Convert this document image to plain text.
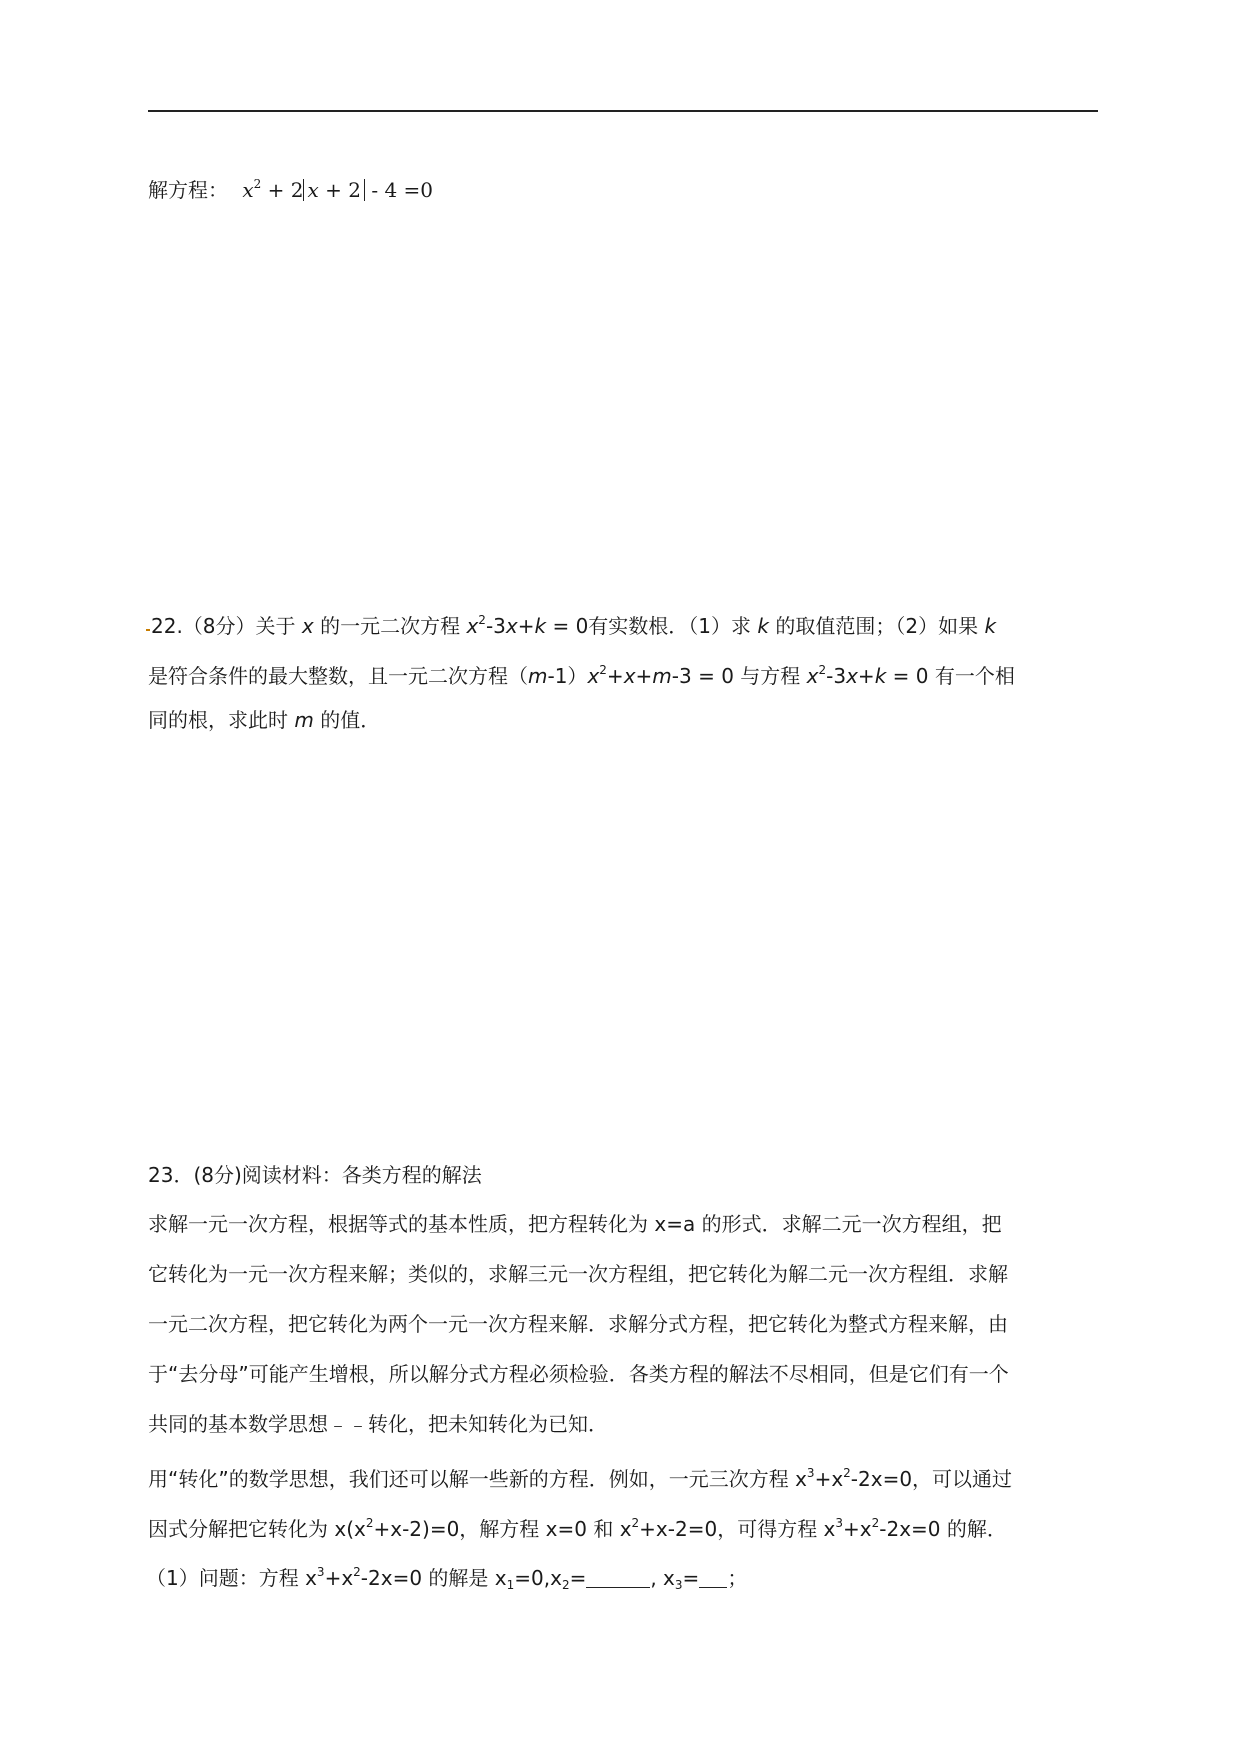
解方程： $x^2 + 2$ x + 2 - 4 =0
22.（8分）关于 x 的一元二次方程 $x^2-3x+k = 0$有实数根．（1）求 k 的取值范围；（2）如果 k
是符合条件的最大整数，且一元二次方程$(m-1)x^2+x+m-3 = 0$ 与方程 $x^2-3x+k = 0$ 有一个相
同的根，求此时 m 的值．
23．(8分)阅读材料：各类方程的解法
求解一元一次方程，根据等式的基本性质，把方程转化为 x=a 的形式．求解二元一次方程组，把
它转化为一元一次方程来解；类似的，求解三元一次方程组，把它转化为解二元一次方程组．求解
一元二次方程，把它转化为两个一元一次方程来解．求解分式方程，把它转化为整式方程来解，由
于“去分母”可能产生增根，所以解分式方程必须检验．各类方程的解法不尽相同，但是它们有一个
共同的基本数学思想﹣﹣转化，把未知转化为已知．
用“转化”的数学思想，我们还可以解一些新的方程．例如，一元三次方程 $x^3+x^2-2x=0$，可以通过
因式分解把它转化为 $x(x^2+x-2)=0$，解方程 x=0 和 $x^2+x-2=0$，可得方程 $x^3+x^2-2x=0$ 的解．
（1）问题：方程 $x^3+x^2-2x=0$ 的解是 $x_1=0,x_2=$	, $x_3=$ ；
